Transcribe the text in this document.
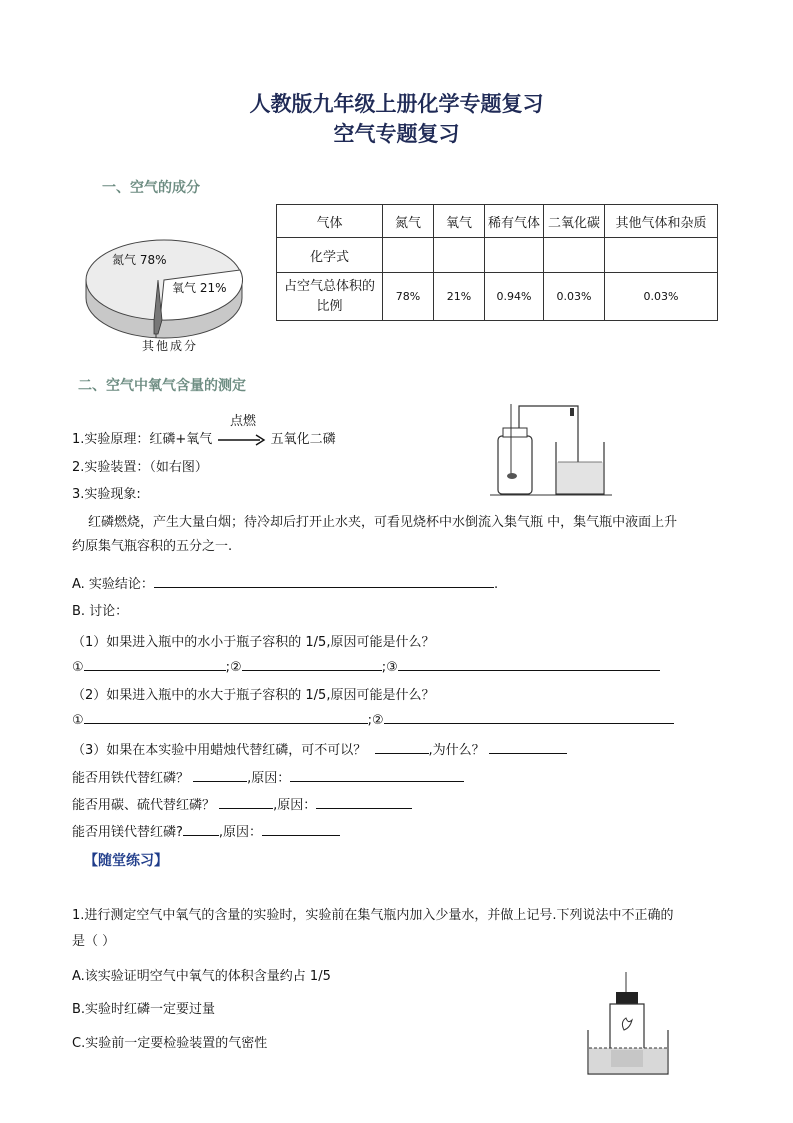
人教版九年级上册化学专题复习
空气专题复习
一、空气的成分
氮气 78%
氧气 21%
其他成分
气体	氮气	氧气	稀有气体	二氧化碳	其他气体和杂质
化学式					
占空气总体积的比例	78%	21%	0.94%	0.03%	0.03%
二、空气中氧气含量的测定
1.实验原理：红磷+氧气 → 五氧化二磷
点燃
2.实验装置：（如右图）
3.实验现象:
红磷燃烧，产生大量白烟；待冷却后打开止水夹，可看见烧杯中水倒流入集气瓶 中，集气瓶中液面上升
约原集气瓶容积的五分之一.
A. 实验结论：	.
B. 讨论：
（1）如果进入瓶中的水小于瓶子容积的 1/5,原因可能是什么？
①	;②	;③
（2）如果进入瓶中的水大于瓶子容积的 1/5,原因可能是什么？
①	;②
（3）如果在本实验中用蜡烛代替红磷，可不可以？	,为什么？
能否用铁代替红磷？	,原因：
能否用碳、硫代替红磷？	,原因：
能否用镁代替红磷?	,原因：
【随堂练习】
1.进行测定空气中氧气的含量的实验时，实验前在集气瓶内加入少量水，并做上记号.下列说法中不正确的
是（ ）
A.该实验证明空气中氧气的体积含量约占 1/5
B.实验时红磷一定要过量
C.实验前一定要检验装置的气密性
